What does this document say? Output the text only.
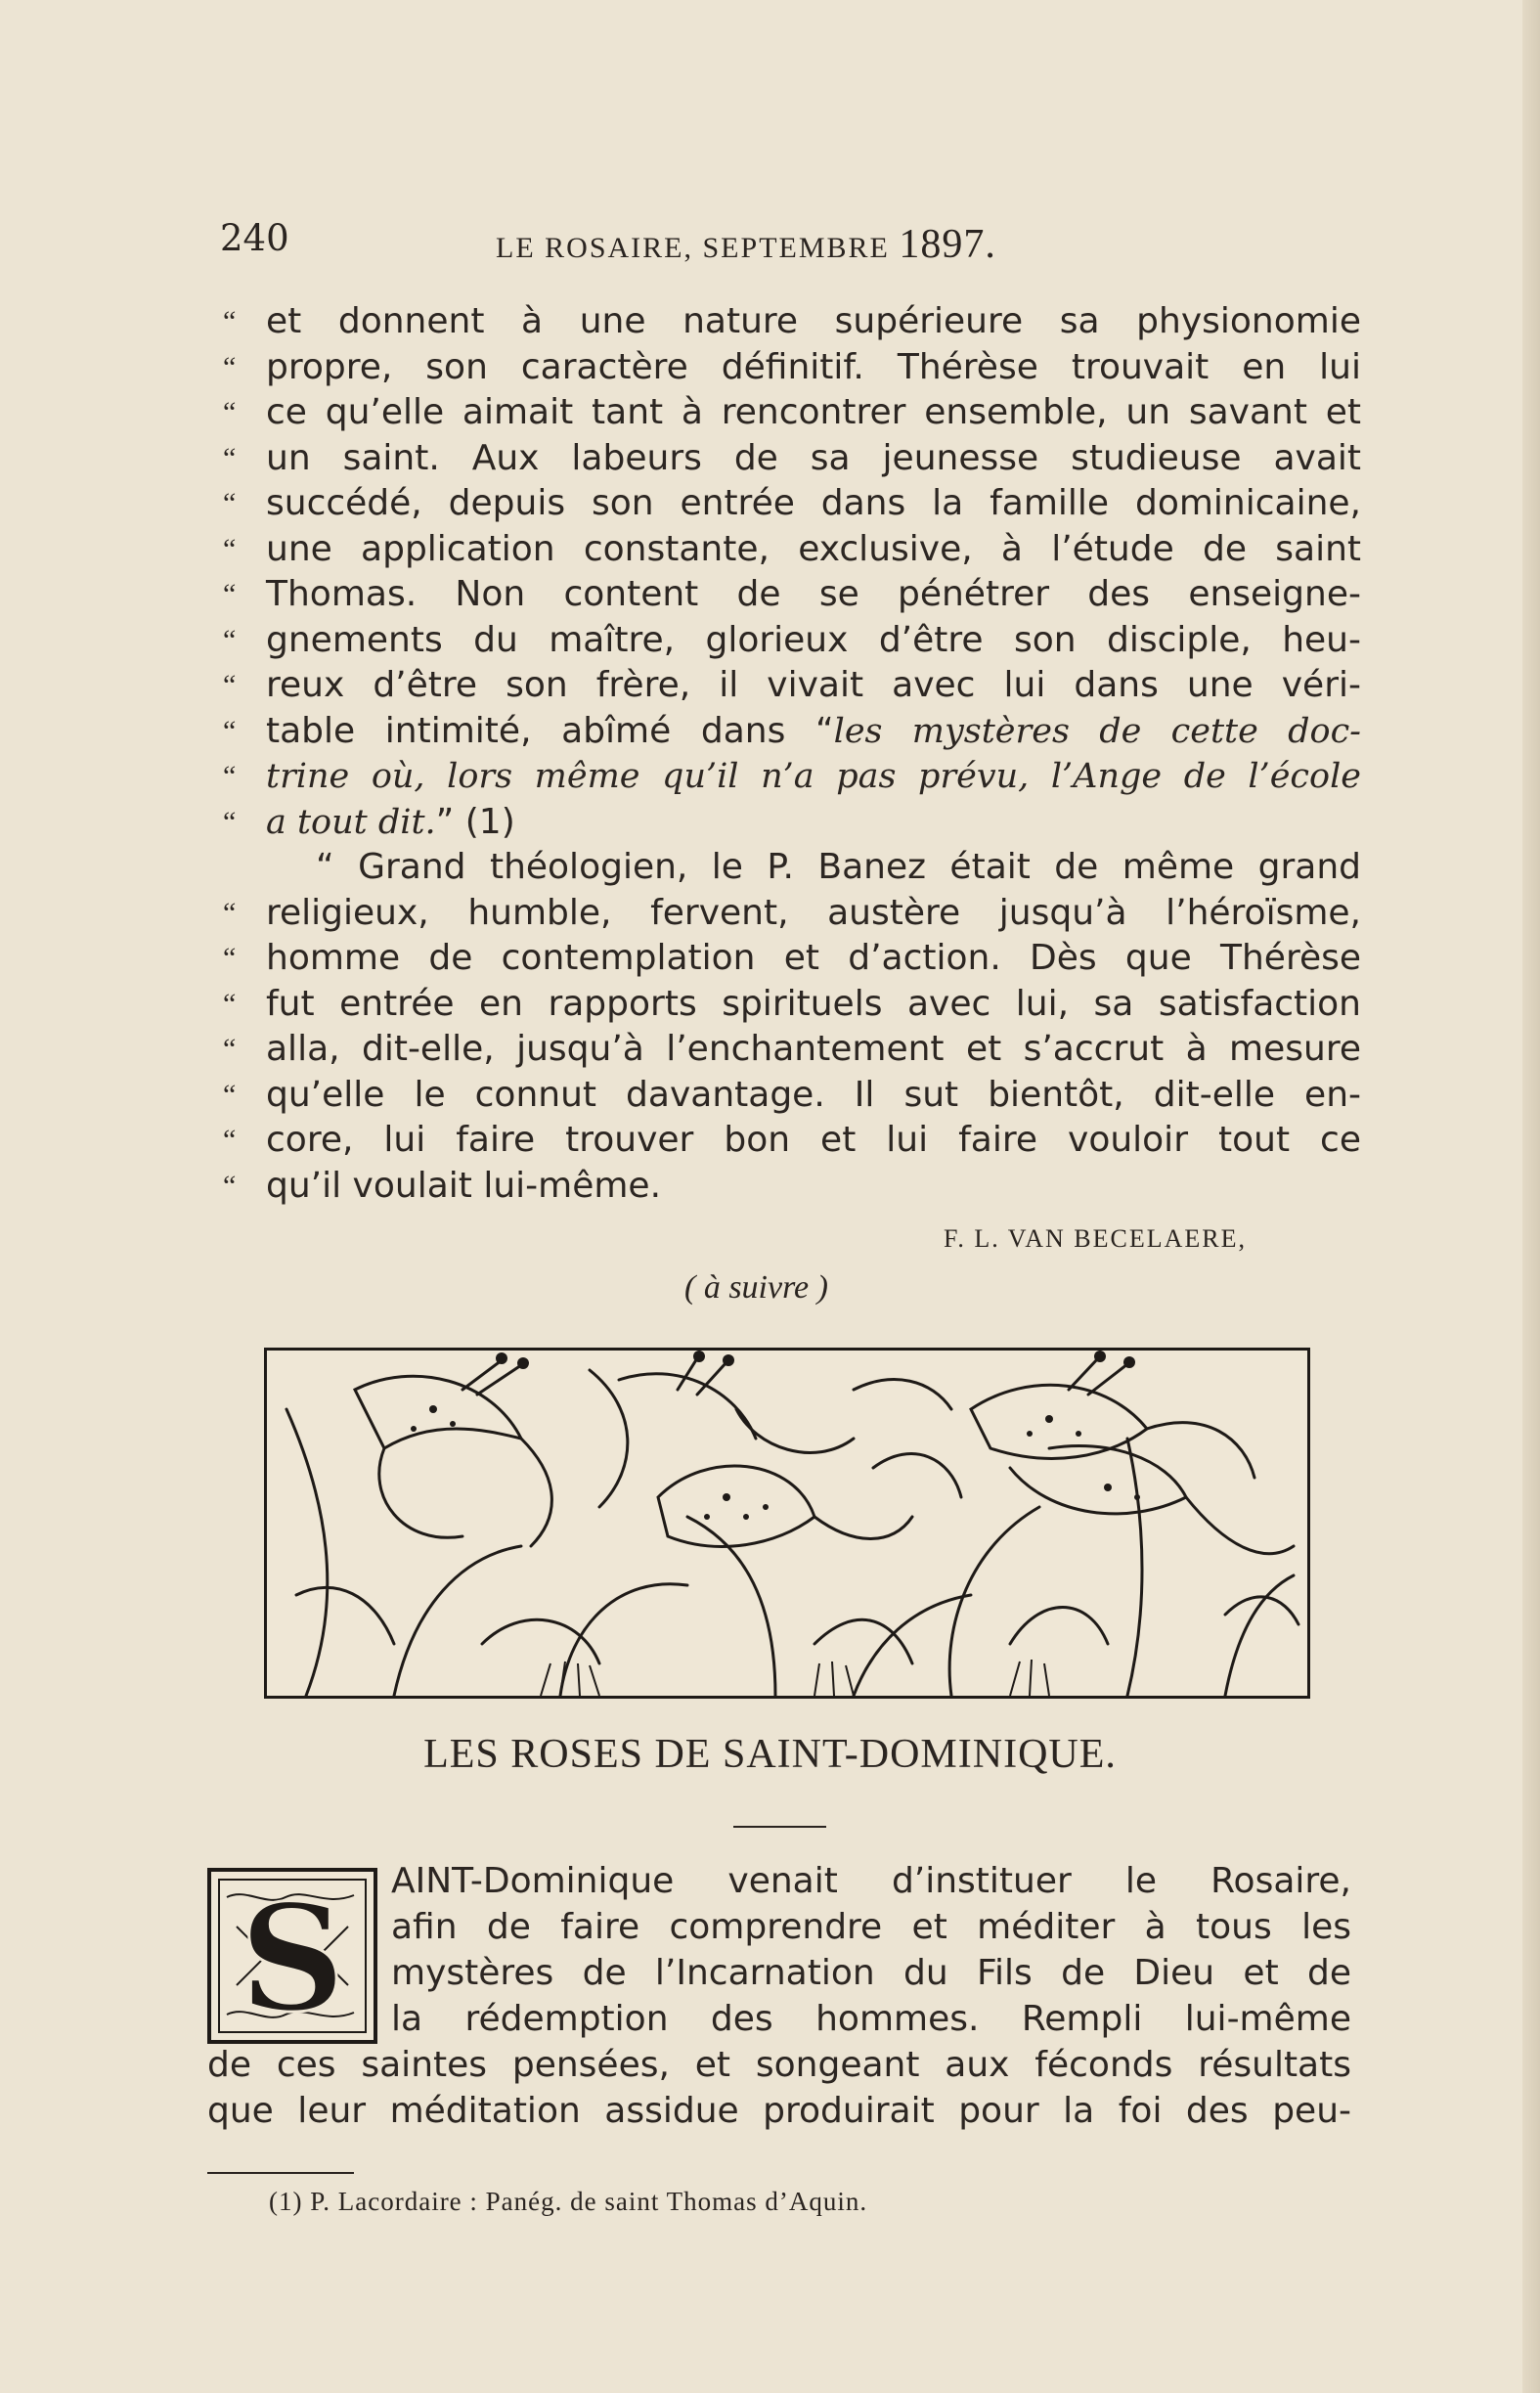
240	LE ROSAIRE, SEPTEMBRE 1897.
“ et donnent à une nature supérieure sa physionomie
“ propre, son caractère définitif. Thérèse trouvait en lui
“ ce qu’elle aimait tant à rencontrer ensemble, un savant et
“ un saint. Aux labeurs de sa jeunesse studieuse avait
“ succédé, depuis son entrée dans la famille dominicaine,
“ une application constante, exclusive, à l’étude de saint
“ Thomas. Non content de se pénétrer des enseigne-
“ gnements du maître, glorieux d’être son disciple, heu-
“ reux d’être son frère, il vivait avec lui dans une véri-
“ table intimité, abîmé dans “les mystères de cette doc-
“ trine où, lors même qu’il n’a pas prévu, l’Ange de l’école
“ a tout dit.” (1)
“ Grand théologien, le P. Banez était de même grand
“ religieux, humble, fervent, austère jusqu’à l’héroïsme,
“ homme de contemplation et d’action. Dès que Thérèse
“ fut entrée en rapports spirituels avec lui, sa satisfaction
“ alla, dit-elle, jusqu’à l’enchantement et s’accrut à mesure
“ qu’elle le connut davantage. Il sut bientôt, dit-elle en-
“ core, lui faire trouver bon et lui faire vouloir tout ce
“ qu’il voulait lui-même.
F. L. VAN BECELAERE,
( à suivre )
LES ROSES DE SAINT-DOMINIQUE.
S AINT-Dominique venait d’instituer le Rosaire,
afin de faire comprendre et méditer à tous les
mystères de l’Incarnation du Fils de Dieu et de
la rédemption des hommes. Rempli lui-même
de ces saintes pensées, et songeant aux féconds résultats
que leur méditation assidue produirait pour la foi des peu-
(1) P. Lacordaire : Panég. de saint Thomas d’Aquin.
